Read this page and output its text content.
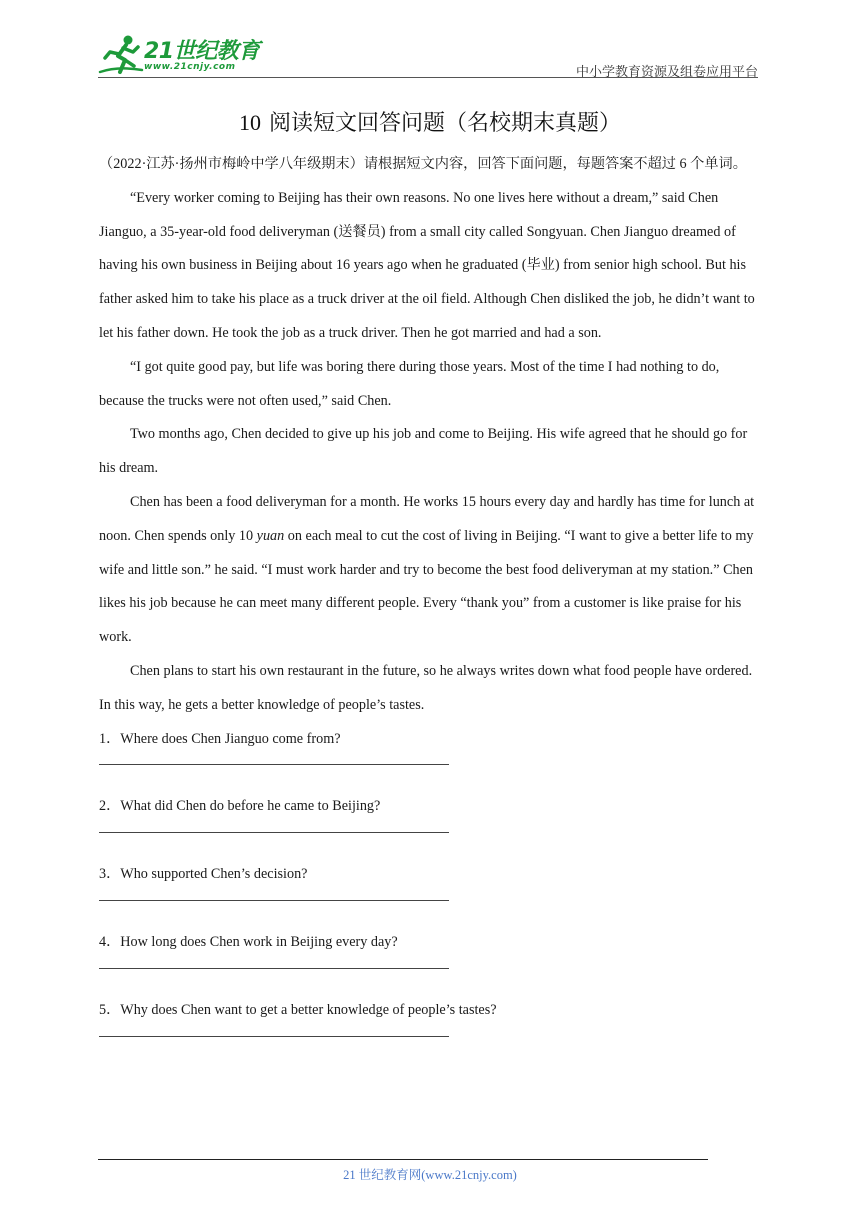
21世纪教育
www.21cnjy.com	中小学教育资源及组卷应用平台
10 阅读短文回答问题（名校期末真题）

（2022·江苏·扬州市梅岭中学八年级期末）请根据短文内容，回答下面问题，每题答案不超过 6 个单词。

“Every worker coming to Beijing has their own reasons. No one lives here without a dream,” said Chen Jianguo, a 35-year-old food deliveryman (送餐员) from a small city called Songyuan. Chen Jianguo dreamed of having his own business in Beijing about 16 years ago when he graduated (毕业) from senior high school. But his father asked him to take his place as a truck driver at the oil field. Although Chen disliked the job, he didn’t want to let his father down. He took the job as a truck driver. Then he got married and had a son.

“I got quite good pay, but life was boring there during those years. Most of the time I had nothing to do, because the trucks were not often used,” said Chen.

Two months ago, Chen decided to give up his job and come to Beijing. His wife agreed that he should go for his dream.

Chen has been a food deliveryman for a month. He works 15 hours every day and hardly has time for lunch at noon. Chen spends only 10 yuan on each meal to cut the cost of living in Beijing. “I want to give a better life to my wife and little son.” he said. “I must work harder and try to become the best food deliveryman at my station.” Chen likes his job because he can meet many different people. Every “thank you” from a customer is like praise for his work.

Chen plans to start his own restaurant in the future, so he always writes down what food people have ordered. In this way, he gets a better knowledge of people’s tastes.

1．Where does Chen Jianguo come from?

2．What did Chen do before he came to Beijing?

3．Who supported Chen’s decision?

4．How long does Chen work in Beijing every day?

5．Why does Chen want to get a better knowledge of people’s tastes?

21 世纪教育网(www.21cnjy.com)
